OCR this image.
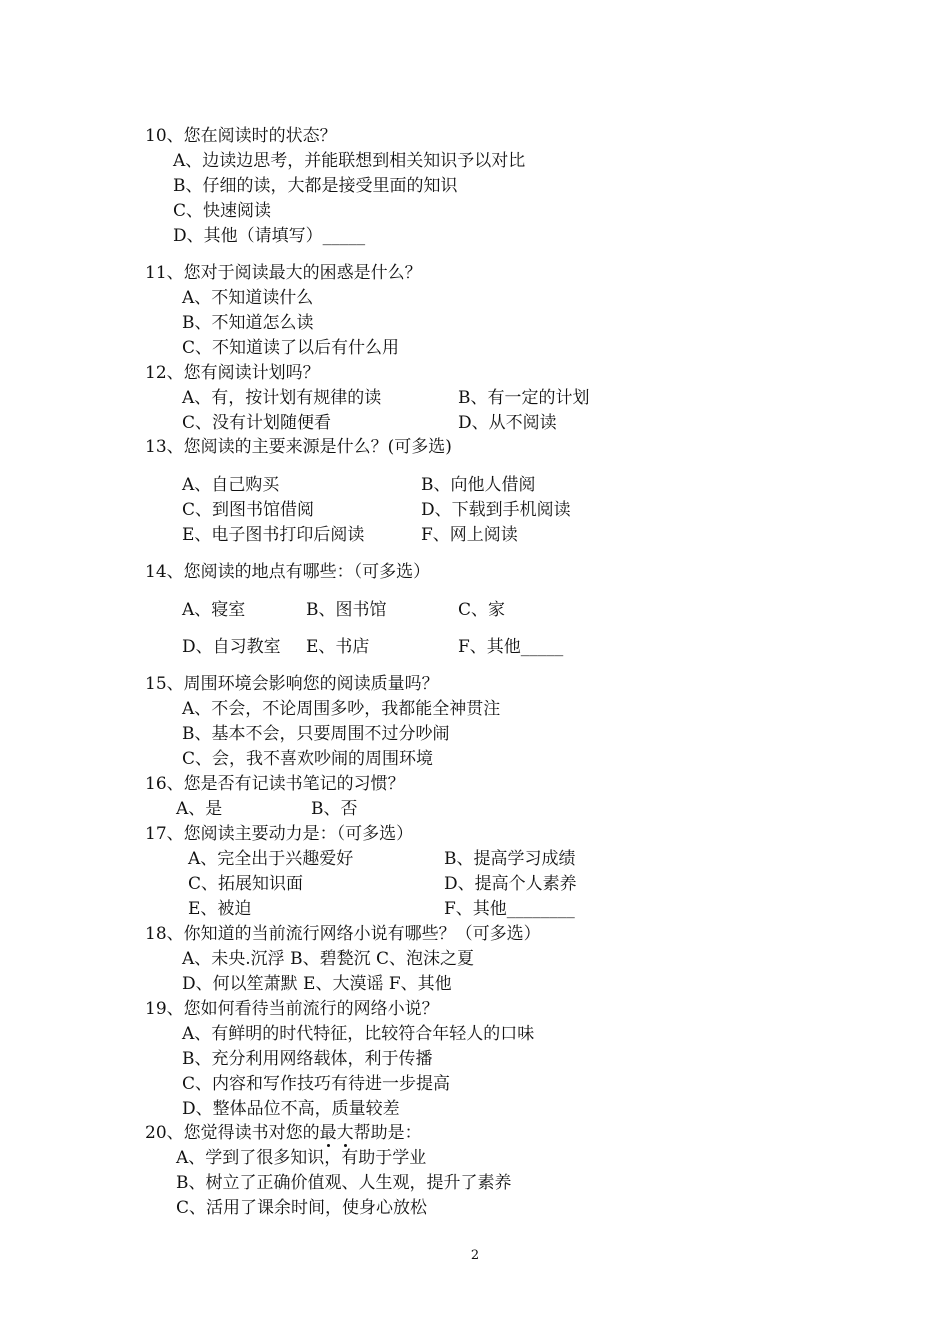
10、您在阅读时的状态？
A、边读边思考，并能联想到相关知识予以对比
B、仔细的读，大都是接受里面的知识
C、快速阅读
D、其他（请填写）_____
11、您对于阅读最大的困惑是什么？
A、不知道读什么
B、不知道怎么读
C、不知道读了以后有什么用
12、您有阅读计划吗？
A、有，按计划有规律的读	B、有一定的计划
C、没有计划随便看	D、从不阅读
13、您阅读的主要来源是什么？(可多选)
A、自己购买	B、向他人借阅
C、到图书馆借阅	D、下载到手机阅读
E、电子图书打印后阅读	F、网上阅读
14、您阅读的地点有哪些：（可多选）
A、寝室	B、图书馆	C、家
D、自习教室 E、书店	F、其他_____
15、周围环境会影响您的阅读质量吗？
A、不会，不论周围多吵，我都能全神贯注
B、基本不会，只要周围不过分吵闹
C、会，我不喜欢吵闹的周围环境
16、您是否有记读书笔记的习惯？
A、是	B、否
17、您阅读主要动力是：（可多选）
A、完全出于兴趣爱好	B、提高学习成绩
C、拓展知识面	D、提高个人素养
E、被迫	F、其他________
18、你知道的当前流行网络小说有哪些？（可多选）
A、未央.沉浮 B、碧甃沉 C、泡沫之夏
D、何以笙萧默 E、大漠谣 F、其他
19、您如何看待当前流行的网络小说？
A、有鲜明的时代特征，比较符合年轻人的口味
B、充分利用网络载体，利于传播
C、内容和写作技巧有待进一步提高
D、整体品位不高，质量较差
20、您觉得读书对您的最大帮助是：
A、学到了很多知识，有助于学业
B、树立了正确价值观、人生观，提升了素养
C、活用了课余时间，使身心放松
2
